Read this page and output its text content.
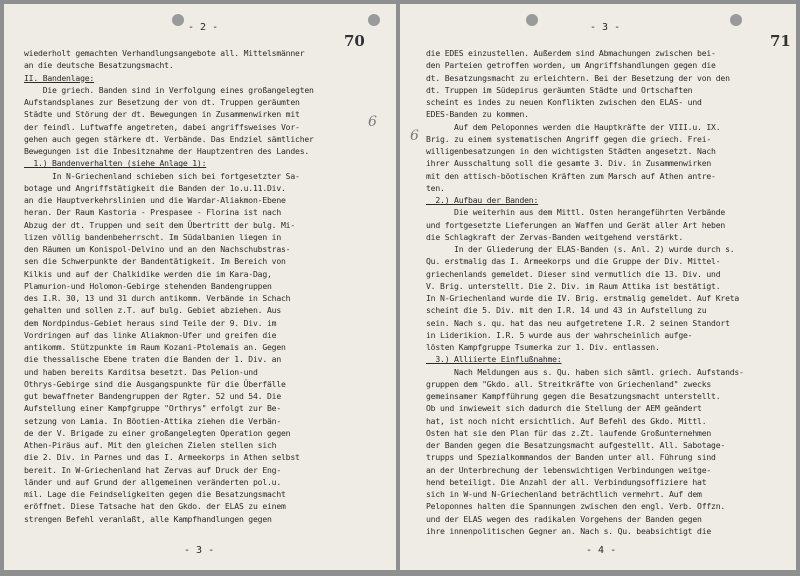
- 2 -
70
6
wiederholt gemachten Verhandlungsangebote all. Mittelsmänner
an die deutsche Besatzungsmacht.
II. Bandenlage:
Die griech. Banden sind in Verfolgung eines großangelegten
Aufstandsplanes zur Besetzung der von dt. Truppen geräumten
Städte und Störung der dt. Bewegungen in Zusammenwirken mit
der feindl. Luftwaffe angetreten, dabei angriffsweises Vor-
gehen auch gegen stärkere dt. Verbände. Das Endziel sämtlicher
Bewegungen ist die Inbesitznahme der Hauptzentren des Landes.
1.) Bandenverhalten (siehe Anlage 1):
In N-Griechenland schieben sich bei fortgesetzter Sa-
botage und Angriffstätigkeit die Banden der 1o.u.11.Div.
an die Hauptverkehrslinien und die Wardar-Aliakmon-Ebene
heran. Der Raum Kastoria - Prespasee - Florina ist nach
Abzug der dt. Truppen und seit dem Übertritt der bulg. Mi-
lizen völlig bandenbeherrscht. Im Südalbanien liegen in
den Räumen um Konispol-Delvino und an den Nachschubstras-
sen die Schwerpunkte der Bandentätigkeit. Im Bereich von
Kilkis und auf der Chalkidike werden die im Kara-Dag,
Plamurion-und Holomon-Gebirge stehenden Bandengruppen
des I.R. 30, 13 und 31 durch antikomm. Verbände in Schach
gehalten und sollen z.T. auf bulg. Gebiet abziehen. Aus
dem Nordpindus-Gebiet heraus sind Teile der 9. Div. im
Vordringen auf das linke Aliakmon-Ufer und greifen die
antikomm. Stützpunkte im Raum Kozani-Ptolemais an. Gegen
die thessalische Ebene traten die Banden der 1. Div. an
und haben bereits Karditsa besetzt. Das Pelion-und
Othrys-Gebirge sind die Ausgangspunkte für die Überfälle
gut bewaffneter Bandengruppen der Rgter. 52 und 54. Die
Aufstellung einer Kampfgruppe "Orthrys" erfolgt zur Be-
setzung von Lamia. In Böotien-Attika ziehen die Verbän-
de der V. Brigade zu einer großangelegten Operation gegen
Athen-Piräus auf. Mit den gleichen Zielen stellen sich
die 2. Div. in Parnes und das I. Armeekorps in Athen selbst
bereit. In W-Griechenland hat Zervas auf Druck der Eng-
länder und auf Grund der allgemeinen veränderten pol.u.
mil. Lage die Feindseligkeiten gegen die Besatzungsmacht
eröffnet. Diese Tatsache hat den Gkdo. der ELAS zu einem
strengen Befehl veranlaßt, alle Kampfhandlungen gegen
- 3 -
- 3 -
71
6
die EDES einzustellen. Außerdem sind Abmachungen zwischen bei-
den Parteien getroffen worden, um Angriffshandlungen gegen die
dt. Besatzungsmacht zu erleichtern. Bei der Besetzung der von den
dt. Truppen im Südepirus geräumten Städte und Ortschaften
scheint es indes zu neuen Konflikten zwischen den ELAS- und
EDES-Banden zu kommen.
Auf dem Peloponnes werden die Hauptkräfte der VIII.u. IX.
Brig. zu einem systematischen Angriff gegen die griech. Frei-
willigenbesatzungen in den wichtigsten Städten angesetzt. Nach
ihrer Ausschaltung soll die gesamte 3. Div. in Zusammenwirken
mit den attisch-böotischen Kräften zum Marsch auf Athen antre-
ten.
2.) Aufbau der Banden:
Die weiterhin aus dem Mittl. Osten herangeführten Verbände
und fortgesetzte Lieferungen an Waffen und Gerät aller Art heben
die Schlagkraft der Zervas-Banden weitgehend verstärkt.
In der Gliederung der ELAS-Banden (s. Anl. 2) wurde durch s.
Qu. erstmalig das I. Armeekorps und die Gruppe der Div. Mittel-
griechenlands gemeldet. Dieser sind vermutlich die 13. Div. und
V. Brig. unterstellt. Die 2. Div. im Raum Attika ist bestätigt.
In N-Griechenland wurde die IV. Brig. erstmalig gemeldet. Auf Kreta
scheint die 5. Div. mit den I.R. 14 und 43 in Aufstellung zu
sein. Nach s. qu. hat das neu aufgetretene I.R. 2 seinen Standort
in Liderikion. I.R. 5 wurde aus der wahrscheinlich aufge-
lösten Kampfgruppe Tsumerka zur 1. Div. entlassen.
3.) Alliierte Einflußnahme:
Nach Meldungen aus s. Qu. haben sich sämtl. griech. Aufstands-
gruppen dem "Gkdo. all. Streitkräfte von Griechenland" zwecks
gemeinsamer Kampfführung gegen die Besatzungsmacht unterstellt.
Ob und inwieweit sich dadurch die Stellung der AEM geändert
hat, ist noch nicht ersichtlich. Auf Befehl des Gkdo. Mittl.
Osten hat sie den Plan für das z.Zt. laufende Großunternehmen
der Banden gegen die Besatzungsmacht aufgestellt. All. Sabotage-
trupps und Spezialkommandos der Banden unter all. Führung sind
an der Unterbrechung der lebenswichtigen Verbindungen weitge-
hend beteiligt. Die Anzahl der all. Verbindungsoffiziere hat
sich in W-und N-Griechenland beträchtlich vermehrt. Auf dem
Peloponnes halten die Spannungen zwischen den engl. Verb. Offzn.
und der ELAS wegen des radikalen Vorgehens der Banden gegen
ihre innenpolitischen Gegner an. Nach s. Qu. beabsichtigt die
- 4 -
